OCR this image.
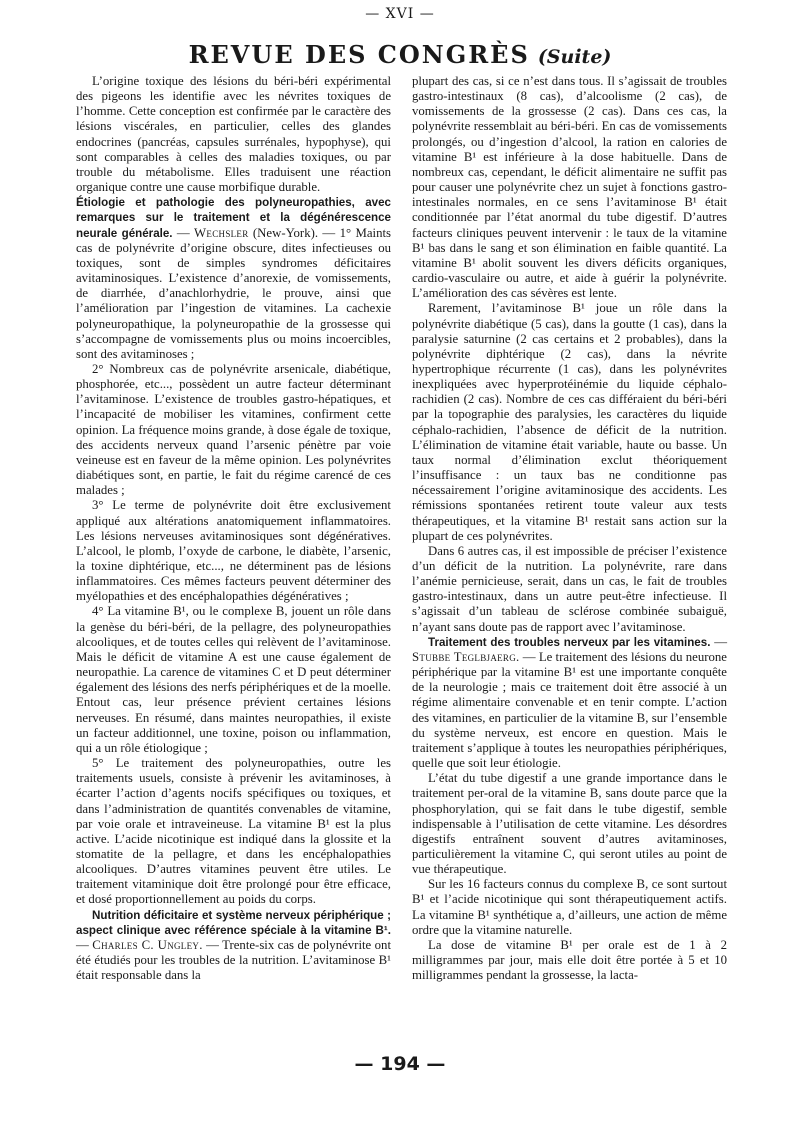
— XVI —
REVUE DES CONGRÈS (Suite)

L’origine toxique des lésions du béri-béri expérimental des pigeons les identifie avec les névrites toxiques de l’homme. Cette conception est confirmée par le caractère des lésions viscérales, en particulier, celles des glandes endocrines (pancréas, capsules surrénales, hypophyse), qui sont comparables à celles des maladies toxiques, ou par trouble du métabolisme. Elles traduisent une réaction organique contre une cause morbifique durable.

Étiologie et pathologie des polyneuropathies, avec remarques sur le traitement et la dégénérescence neurale générale. — Wechsler (New-York). — 1° Maints cas de polynévrite d’origine obscure, dites infectieuses ou toxiques, sont de simples syndromes déficitaires avitaminosiques. L’existence d’anorexie, de vomissements, de diarrhée, d’anachlorhydrie, le prouve, ainsi que l’amélioration par l’ingestion de vitamines. La cachexie polyneuropathique, la polyneuropathie de la grossesse qui s’accompagne de vomissements plus ou moins incoercibles, sont des avitaminoses ;

2° Nombreux cas de polynévrite arsenicale, diabétique, phosphorée, etc..., possèdent un autre facteur déterminant l’avitaminose. L’existence de troubles gastro-hépatiques, et l’incapacité de mobiliser les vitamines, confirment cette opinion. La fréquence moins grande, à dose égale de toxique, des accidents nerveux quand l’arsenic pénètre par voie veineuse est en faveur de la même opinion. Les polynévrites diabétiques sont, en partie, le fait du régime carencé de ces malades ;

3° Le terme de polynévrite doit être exclusivement appliqué aux altérations anatomiquement inflammatoires. Les lésions nerveuses avitaminosiques sont dégénératives. L’alcool, le plomb, l’oxyde de carbone, le diabète, l’arsenic, la toxine diphtérique, etc..., ne déterminent pas de lésions inflammatoires. Ces mêmes facteurs peuvent déterminer des myélopathies et des encéphalopathies dégénératives ;

4° La vitamine B¹, ou le complexe B, jouent un rôle dans la genèse du béri-béri, de la pellagre, des polyneuropathies alcooliques, et de toutes celles qui relèvent de l’avitaminose. Mais le déficit de vitamine A est une cause également de neuropathie. La carence de vitamines C et D peut déterminer également des lésions des nerfs périphériques et de la moelle. Entout cas, leur présence prévient certaines lésions nerveuses. En résumé, dans maintes neuropathies, il existe un facteur additionnel, une toxine, poison ou inflammation, qui a un rôle étiologique ;

5° Le traitement des polyneuropathies, outre les traitements usuels, consiste à prévenir les avitaminoses, à écarter l’action d’agents nocifs spécifiques ou toxiques, et dans l’administration de quantités convenables de vitamine, par voie orale et intraveineuse. La vitamine B¹ est la plus active. L’acide nicotinique est indiqué dans la glossite et la stomatite de la pellagre, et dans les encéphalopathies alcooliques. D’autres vitamines peuvent être utiles. Le traitement vitaminique doit être prolongé pour être efficace, et dosé proportionnellement au poids du corps.

Nutrition déficitaire et système nerveux périphérique ; aspect clinique avec référence spéciale à la vitamine B¹. — Charles C. Ungley. — Trente-six cas de polynévrite ont été étudiés pour les troubles de la nutrition. L’avitaminose B¹ était responsable dans la

plupart des cas, si ce n’est dans tous. Il s’agissait de troubles gastro-intestinaux (8 cas), d’alcoolisme (2 cas), de vomissements de la grossesse (2 cas). Dans ces cas, la polynévrite ressemblait au béri-béri. En cas de vomissements prolongés, ou d’ingestion d’alcool, la ration en calories de vitamine B¹ est inférieure à la dose habituelle. Dans de nombreux cas, cependant, le déficit alimentaire ne suffit pas pour causer une polynévrite chez un sujet à fonctions gastro-intestinales normales, en ce sens l’avitaminose B¹ était conditionnée par l’état anormal du tube digestif. D’autres facteurs cliniques peuvent intervenir : le taux de la vitamine B¹ bas dans le sang et son élimination en faible quantité. La vitamine B¹ abolit souvent les divers déficits organiques, cardio-vasculaire ou autre, et aide à guérir la polynévrite. L’amélioration des cas sévères est lente.

Rarement, l’avitaminose B¹ joue un rôle dans la polynévrite diabétique (5 cas), dans la goutte (1 cas), dans la paralysie saturnine (2 cas certains et 2 probables), dans la polynévrite diphtérique (2 cas), dans la névrite hypertrophique récurrente (1 cas), dans les polynévrites inexpliquées avec hyperprotéinémie du liquide céphalo-rachidien (2 cas). Nombre de ces cas différaient du béri-béri par la topographie des paralysies, les caractères du liquide céphalo-rachidien, l’absence de déficit de la nutrition. L’élimination de vitamine était variable, haute ou basse. Un taux normal d’élimination exclut théoriquement l’insuffisance : un taux bas ne conditionne pas nécessairement l’origine avitaminosique des accidents. Les rémissions spontanées retirent toute valeur aux tests thérapeutiques, et la vitamine B¹ restait sans action sur la plupart de ces polynévrites.

Dans 6 autres cas, il est impossible de préciser l’existence d’un déficit de la nutrition. La polynévrite, rare dans l’anémie pernicieuse, serait, dans un cas, le fait de troubles gastro-intestinaux, dans un autre peut-être infectieuse. Il s’agissait d’un tableau de sclérose combinée subaiguë, n’ayant sans doute pas de rapport avec l’avitaminose.

Traitement des troubles nerveux par les vitamines. — Stubbe Teglbjaerg. — Le traitement des lésions du neurone périphérique par la vitamine B¹ est une importante conquête de la neurologie ; mais ce traitement doit être associé à un régime alimentaire convenable et en tenir compte. L’action des vitamines, en particulier de la vitamine B, sur l’ensemble du système nerveux, est encore en question. Mais le traitement s’applique à toutes les neuropathies périphériques, quelle que soit leur étiologie.

L’état du tube digestif a une grande importance dans le traitement per-oral de la vitamine B, sans doute parce que la phosphorylation, qui se fait dans le tube digestif, semble indispensable à l’utilisation de cette vitamine. Les désordres digestifs entraînent souvent d’autres avitaminoses, particulièrement la vitamine C, qui seront utiles au point de vue thérapeutique.

Sur les 16 facteurs connus du complexe B, ce sont surtout B¹ et l’acide nicotinique qui sont thérapeutiquement actifs. La vitamine B¹ synthétique a, d’ailleurs, une action de même ordre que la vitamine naturelle.

La dose de vitamine B¹ per orale est de 1 à 2 milligrammes par jour, mais elle doit être portée à 5 et 10 milligrammes pendant la grossesse, la lacta-

— 194 —
